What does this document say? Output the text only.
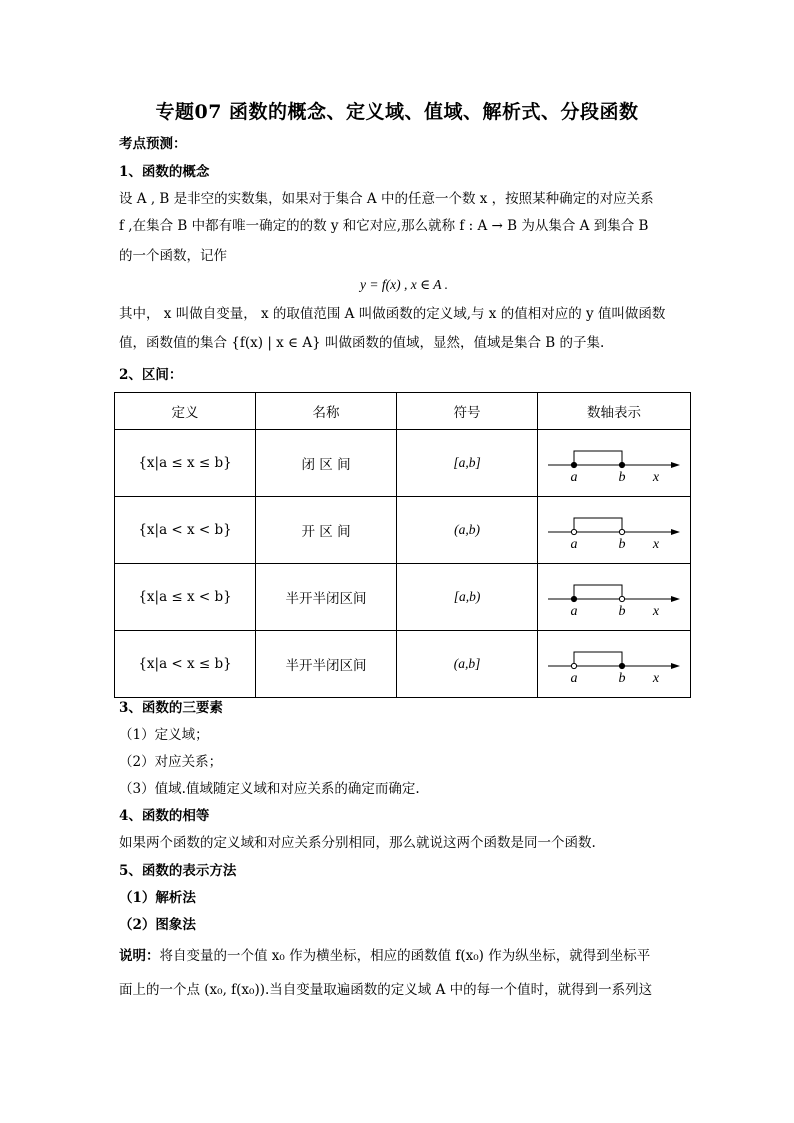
专题07 函数的概念、定义域、值域、解析式、分段函数
考点预测：
1、函数的概念
设 A , B 是非空的实数集，如果对于集合 A 中的任意一个数 x ，按照某种确定的对应关系
f ,在集合 B 中都有唯一确定的的数 y 和它对应,那么就称 f : A → B 为从集合 A 到集合 B
的一个函数，记作
y = f(x) , x ∈ A .
其中， x 叫做自变量， x 的取值范围 A 叫做函数的定义域,与 x 的值相对应的 y 值叫做函数
值，函数值的集合 {f(x) | x ∈ A} 叫做函数的值域，显然，值域是集合 B 的子集.
2、区间：
定义	名称	符号	数轴表示
{x|a ≤ x ≤ b}	闭 区 间	[a,b]	a b x

{x|a < x < b}	开 区 间	(a,b)	a b x

{x|a ≤ x < b}	半开半闭区间	[a,b)	a b x

{x|a < x ≤ b}	半开半闭区间	(a,b]	a b x
3、函数的三要素
（1）定义域；
（2）对应关系；
（3）值域.值域随定义域和对应关系的确定而确定.
4、函数的相等
如果两个函数的定义域和对应关系分别相同，那么就说这两个函数是同一个函数.
5、函数的表示方法
（1）解析法
（2）图象法
说明：将自变量的一个值 x₀ 作为横坐标，相应的函数值 f(x₀) 作为纵坐标，就得到坐标平
面上的一个点 (x₀, f(x₀)).当自变量取遍函数的定义域 A 中的每一个值时，就得到一系列这
